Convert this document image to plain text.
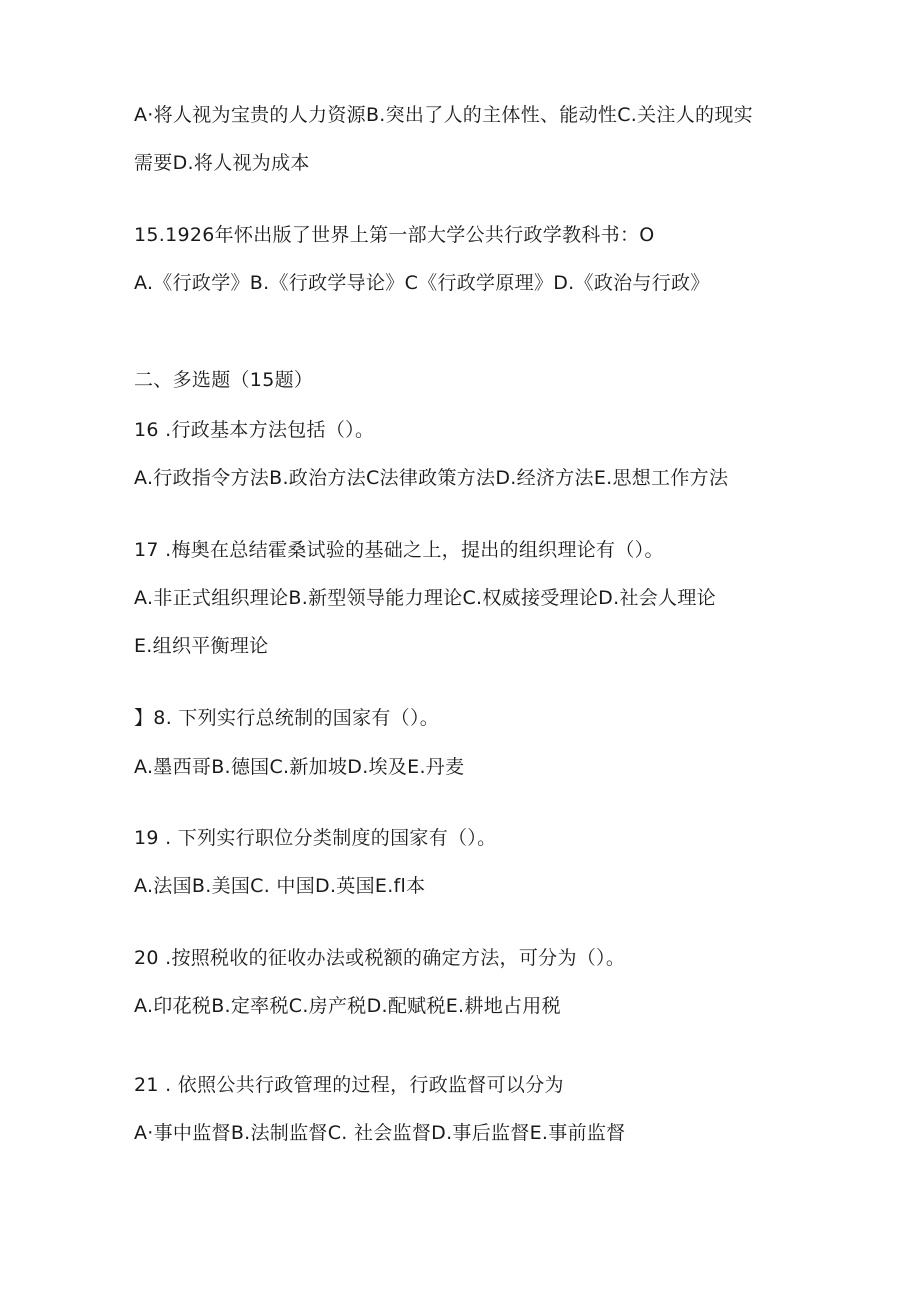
A·将人视为宝贵的人力资源B.突出了人的主体性、能动性C.关注人的现实
需要D.将人视为成本
15.1926年怀出版了世界上第一部大学公共行政学教科书：O
A.《行政学》B.《行政学导论》C《行政学原理》D.《政治与行政》
二、多选题（15题）
16 .行政基本方法包括（）。
A.行政指令方法B.政治方法C法律政策方法D.经济方法E.思想工作方法
17 .梅奥在总结霍桑试验的基础之上，提出的组织理论有（）。
A.非正式组织理论B.新型领导能力理论C.权威接受理论D.社会人理论
E.组织平衡理论
】8. 下列实行总统制的国家有（）。
A.墨西哥B.德国C.新加坡D.埃及E.丹麦
19 . 下列实行职位分类制度的国家有（）。
A.法国B.美国C. 中国D.英国E.fl本
20 .按照税收的征收办法或税额的确定方法，可分为（）。
A.印花税B.定率税C.房产税D.配赋税E.耕地占用税
21 . 依照公共行政管理的过程，行政监督可以分为
A·事中监督B.法制监督C. 社会监督D.事后监督E.事前监督
